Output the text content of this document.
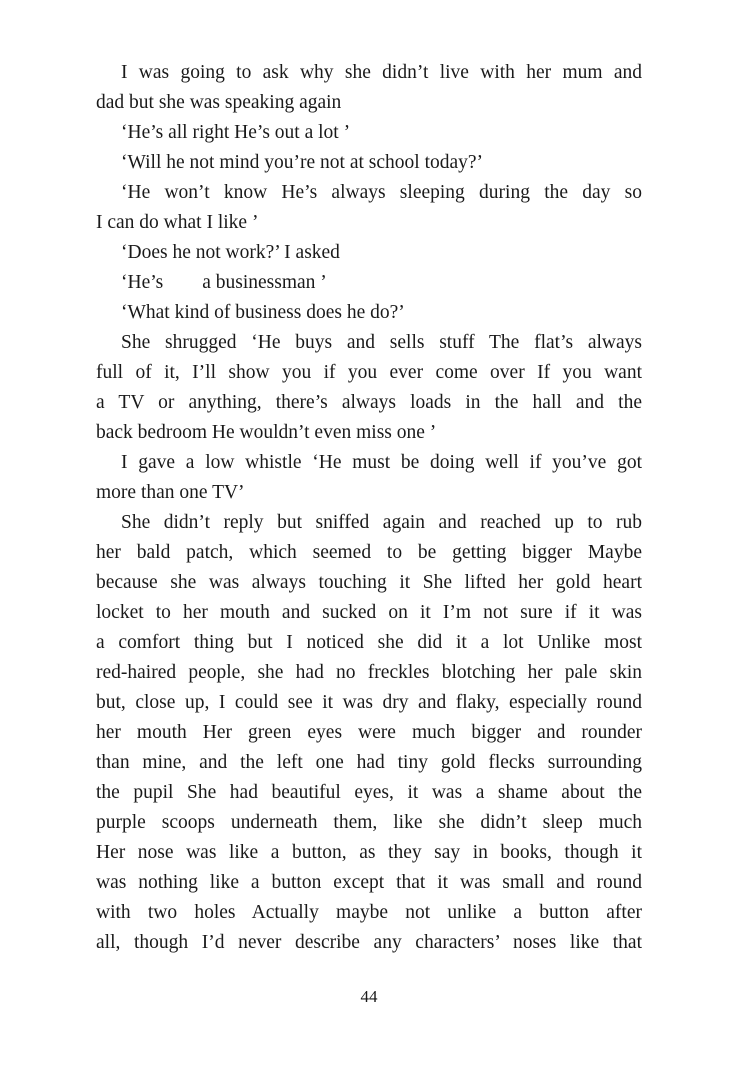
I was going to ask why she didn’t live with her mum and
dad but she was speaking again
‘He’s all right He’s out a lot ’
‘Will he not mind you’re not at school today?’
‘He won’t know He’s always sleeping during the day so
I can do what I like ’
‘Does he not work?’ I asked
‘He’s        a businessman ’
‘What kind of business does he do?’
She shrugged ‘He buys and sells stuff The flat’s always
full of it, I’ll show you if you ever come over If you want
a TV or anything, there’s always loads in the hall and the
back bedroom He wouldn’t even miss one ’
I gave a low whistle ‘He must be doing well if you’ve got
more than one TV’
She didn’t reply but sniffed again and reached up to rub
her bald patch, which seemed to be getting bigger Maybe
because she was always touching it She lifted her gold heart
locket to her mouth and sucked on it I’m not sure if it was
a comfort thing but I noticed she did it a lot Unlike most
red-haired people, she had no freckles blotching her pale skin
but, close up, I could see it was dry and flaky, especially round
her mouth Her green eyes were much bigger and rounder
than mine, and the left one had tiny gold flecks surrounding
the pupil She had beautiful eyes, it was a shame about the
purple scoops underneath them, like she didn’t sleep much
Her nose was like a button, as they say in books, though it
was nothing like a button except that it was small and round
with two holes Actually maybe not unlike a button after
all, though I’d never describe any characters’ noses like that
44
